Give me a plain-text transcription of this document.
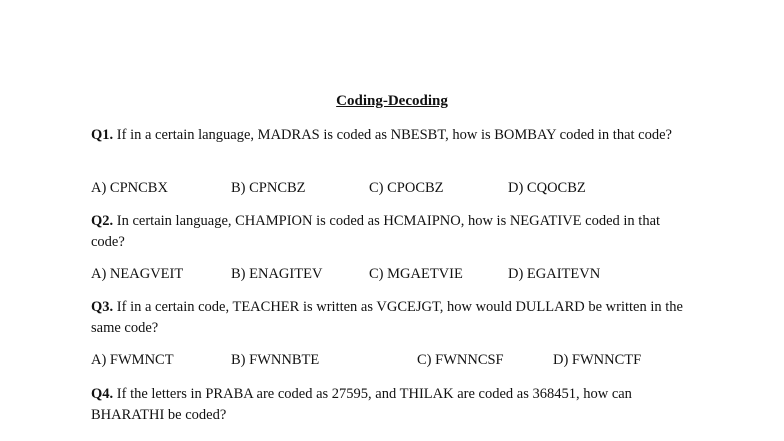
Coding-Decoding
Q1. If in a certain language, MADRAS is coded as NBESBT, how is BOMBAY coded in that code?
A) CPNCBX	B) CPNCBZ	C) CPOCBZ	D) CQOCBZ
Q2. In certain language, CHAMPION is coded as HCMAIPNO, how is NEGATIVE coded in that code?
A) NEAGVEIT	B) ENAGITEV	C) MGAETVIE	D) EGAITEVN
Q3. If in a certain code, TEACHER is written as VGCEJGT, how would DULLARD be written in the same code?
A) FWMNCT	B) FWNNBTE	C) FWNNCSF	D) FWNNCTF
Q4. If the letters in PRABA are coded as 27595, and THILAK are coded as 368451, how can BHARATHI be coded?
